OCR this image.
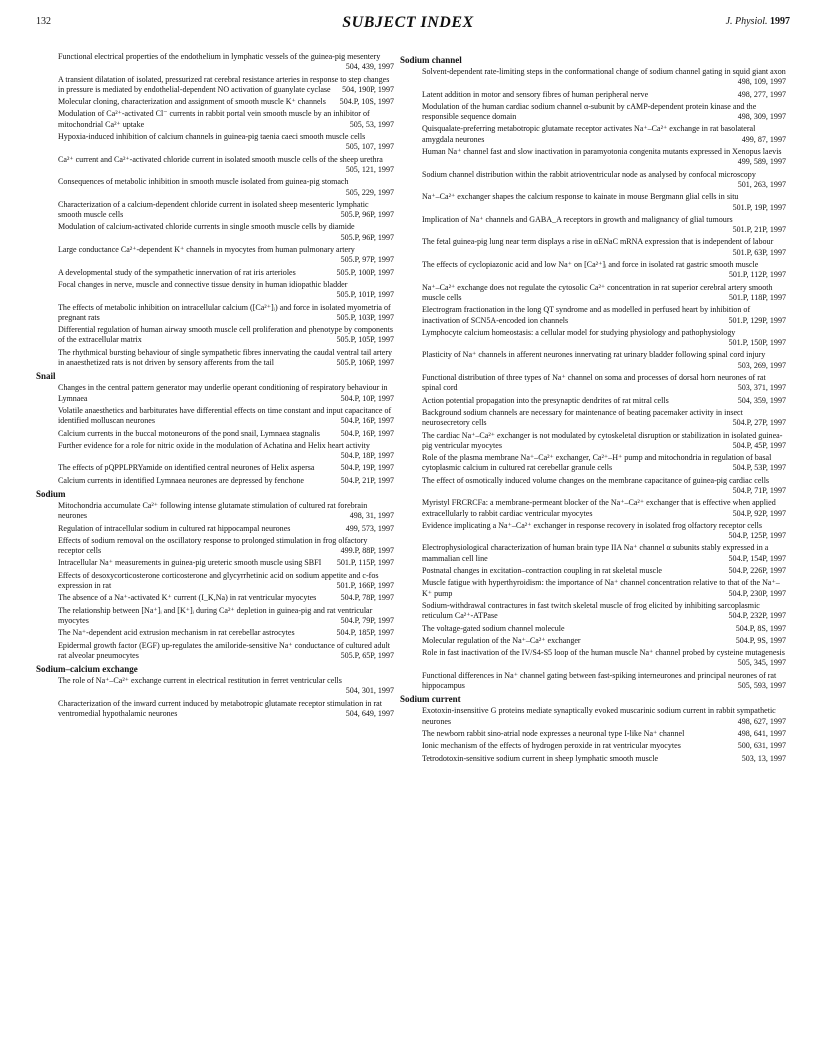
132	SUBJECT INDEX	J. Physiol. 1997
Functional electrical properties of the endothelium in lymphatic vessels of the guinea-pig mesentery
504, 439, 1997
A transient dilatation of isolated, pressurized rat cerebral resistance arteries in response to step changes in pressure is mediated by endothelial-dependent NO activation of guanylate cyclase 504, 190P, 1997
Molecular cloning, characterization and assignment of smooth muscle K⁺ channels 504.P, 10S, 1997
Modulation of Ca²⁺-activated Cl⁻ currents in rabbit portal vein smooth muscle by an inhibitor of mitochondrial Ca²⁺ uptake	505, 53, 1997
Hypoxia-induced inhibition of calcium channels in guinea-pig taenia caeci smooth muscle cells
505, 107, 1997
Ca²⁺ current and Ca²⁺-activated chloride current in isolated smooth muscle cells of the sheep urethra
505, 121, 1997
Consequences of metabolic inhibition in smooth muscle isolated from guinea-pig stomach
505, 229, 1997
Characterization of a calcium-dependent chloride current in isolated sheep mesenteric lymphatic smooth muscle cells	505.P, 96P, 1997
Modulation of calcium-activated chloride currents in single smooth muscle cells by diamide
505.P, 96P, 1997
Large conductance Ca²⁺-dependent K⁺ channels in myocytes from human pulmonary artery
505.P, 97P, 1997
A developmental study of the sympathetic innervation of rat iris arterioles	505.P, 100P, 1997
Focal changes in nerve, muscle and connective tissue density in human idiopathic bladder
505.P, 101P, 1997
The effects of metabolic inhibition on intracellular calcium ([Ca²⁺]ᵢ) and force in isolated myometria of pregnant rats	505.P, 103P, 1997
Differential regulation of human airway smooth muscle cell proliferation and phenotype by components of the extracellular matrix	505.P, 105P, 1997
The rhythmical bursting behaviour of single sympathetic fibres innervating the caudal ventral tail artery in anaesthetized rats is not driven by sensory afferents from the tail	505.P, 106P, 1997
Snail
Changes in the central pattern generator may underlie operant conditioning of respiratory behaviour in Lymnaea	504.P, 10P, 1997
Volatile anaesthetics and barbiturates have differential effects on time constant and input capacitance of identified molluscan neurones	504.P, 16P, 1997
Calcium currents in the buccal motoneurons of the pond snail, Lymnaea stagnalis	504.P, 16P, 1997
Further evidence for a role for nitric oxide in the modulation of Achatina and Helix heart activity
504.P, 18P, 1997
The effects of pQPPLPRYamide on identified central neurones of Helix aspersa	504.P, 19P, 1997
Calcium currents in identified Lymnaea neurones are depressed by fenchone	504.P, 21P, 1997
Sodium
Mitochondria accumulate Ca²⁺ following intense glutamate stimulation of cultured rat forebrain neurones	498, 31, 1997
Regulation of intracellular sodium in cultured rat hippocampal neurones	499, 573, 1997
Effects of sodium removal on the oscillatory response to prolonged stimulation in frog olfactory receptor cells	499.P, 88P, 1997
Intracellular Na⁺ measurements in guinea-pig ureteric smooth muscle using SBFI 501.P, 115P, 1997
Effects of desoxycorticosterone corticosterone and glycyrrhetinic acid on sodium appetite and c-fos expression in rat	501.P, 166P, 1997
The absence of a Na⁺-activated K⁺ current (I_K,Na) in rat ventricular myocytes	504.P, 78P, 1997
The relationship between [Na⁺]ᵢ and [K⁺]ᵢ during Ca²⁺ depletion in guinea-pig and rat ventricular myocytes	504.P, 79P, 1997
The Na⁺-dependent acid extrusion mechanism in rat cerebellar astrocytes	504.P, 185P, 1997
Epidermal growth factor (EGF) up-regulates the amiloride-sensitive Na⁺ conductance of cultured adult rat alveolar pneumocytes	505.P, 65P, 1997
Sodium–calcium exchange
The role of Na⁺–Ca²⁺ exchange current in electrical restitution in ferret ventricular cells
504, 301, 1997
Characterization of the inward current induced by metabotropic glutamate receptor stimulation in rat ventromedial hypothalamic neurones	504, 649, 1997
Sodium channel
Solvent-dependent rate-limiting steps in the conformational change of sodium channel gating in squid giant axon
498, 109, 1997
Latent addition in motor and sensory fibres of human peripheral nerve	498, 277, 1997
Modulation of the human cardiac sodium channel α-subunit by cAMP-dependent protein kinase and the responsible sequence domain	498, 309, 1997
Quisqualate-preferring metabotropic glutamate receptor activates Na⁺–Ca²⁺ exchange in rat basolateral amygdala neurones	499, 87, 1997
Human Na⁺ channel fast and slow inactivation in paramyotonia congenita mutants expressed in Xenopus laevis
499, 589, 1997
Sodium channel distribution within the rabbit atrioventricular node as analysed by confocal microscopy
501, 263, 1997
Na⁺–Ca²⁺ exchanger shapes the calcium response to kainate in mouse Bergmann glial cells in situ
501.P, 19P, 1997
Implication of Na⁺ channels and GABA_A receptors in growth and malignancy of glial tumours
501.P, 21P, 1997
The fetal guinea-pig lung near term displays a rise in αENaC mRNA expression that is independent of labour
501.P, 63P, 1997
The effects of cyclopiazonic acid and low Na⁺ on [Ca²⁺]ᵢ and force in isolated rat gastric smooth muscle
501.P, 112P, 1997
Na⁺–Ca²⁺ exchange does not regulate the cytosolic Ca²⁺ concentration in rat superior cerebral artery smooth muscle cells	501.P, 118P, 1997
Electrogram fractionation in the long QT syndrome and as modelled in perfused heart by inhibition of inactivation of SCN5A-encoded ion channels	501.P, 129P, 1997
Lymphocyte calcium homeostasis: a cellular model for studying physiology and pathophysiology
501.P, 150P, 1997
Plasticity of Na⁺ channels in afferent neurones innervating rat urinary bladder following spinal cord injury
503, 269, 1997
Functional distribution of three types of Na⁺ channel on soma and processes of dorsal horn neurones of rat spinal cord	503, 371, 1997
Action potential propagation into the presynaptic dendrites of rat mitral cells	504, 359, 1997
Background sodium channels are necessary for maintenance of beating pacemaker activity in insect neurosecretory cells	504.P, 27P, 1997
The cardiac Na⁺–Ca²⁺ exchanger is not modulated by cytoskeletal disruption or stabilization in isolated guinea-pig ventricular myocytes	504.P, 45P, 1997
Role of the plasma membrane Na⁺–Ca²⁺ exchanger, Ca²⁺–H⁺ pump and mitochondria in regulation of basal cytoplasmic calcium in cultured rat cerebellar granule cells	504.P, 53P, 1997
The effect of osmotically induced volume changes on the membrane capacitance of guinea-pig cardiac cells
504.P, 71P, 1997
Myristyl FRCRCFa: a membrane-permeant blocker of the Na⁺–Ca²⁺ exchanger that is effective when applied extracellularly to rabbit cardiac ventricular myocytes	504.P, 92P, 1997
Evidence implicating a Na⁺–Ca²⁺ exchanger in response recovery in isolated frog olfactory receptor cells
504.P, 125P, 1997
Electrophysiological characterization of human brain type IIA Na⁺ channel α subunits stably expressed in a mammalian cell line	504.P, 154P, 1997
Postnatal changes in excitation–contraction coupling in rat skeletal muscle	504.P, 226P, 1997
Muscle fatigue with hyperthyroidism: the importance of Na⁺ channel concentration relative to that of the Na⁺–K⁺ pump	504.P, 230P, 1997
Sodium-withdrawal contractures in fast twitch skeletal muscle of frog elicited by inhibiting sarcoplasmic reticulum Ca²⁺-ATPase	504.P, 232P, 1997
The voltage-gated sodium channel molecule	504.P, 8S, 1997
Molecular regulation of the Na⁺–Ca²⁺ exchanger	504.P, 9S, 1997
Role in fast inactivation of the IV/S4-S5 loop of the human muscle Na⁺ channel probed by cysteine mutagenesis
505, 345, 1997
Functional differences in Na⁺ channel gating between fast-spiking interneurones and principal neurones of rat hippocampus	505, 593, 1997
Sodium current
Exotoxin-insensitive G proteins mediate synaptically evoked muscarinic sodium current in rabbit sympathetic neurones	498, 627, 1997
The newborn rabbit sino-atrial node expresses a neuronal type I-like Na⁺ channel	498, 641, 1997
Ionic mechanism of the effects of hydrogen peroxide in rat ventricular myocytes	500, 631, 1997
Tetrodotoxin-sensitive sodium current in sheep lymphatic smooth muscle	503, 13, 1997
